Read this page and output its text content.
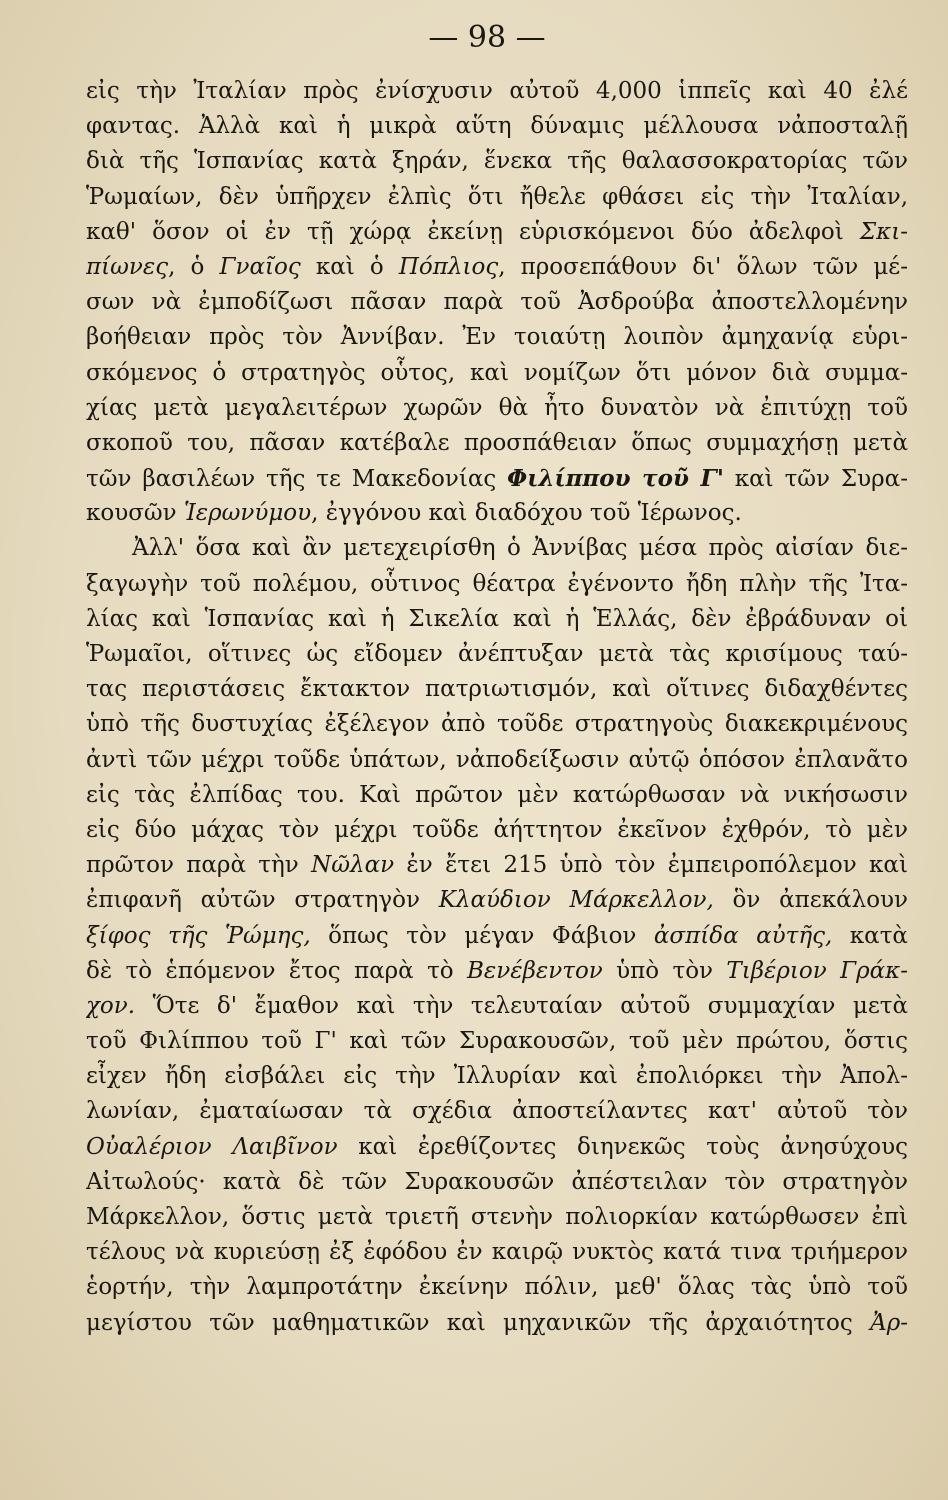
— 98 —
εἰς τὴν Ἰταλίαν πρὸς ἐνίσχυσιν αὐτοῦ 4,000 ἱππεῖς καὶ 40 ἐλέ
φαντας. Ἀλλὰ καὶ ἡ μικρὰ αὕτη δύναμις μέλλουσα νἀποσταλῇ
διὰ τῆς Ἱσπανίας κατὰ ξηράν, ἕνεκα τῆς θαλασσοκρατορίας τῶν
Ῥωμαίων, δὲν ὑπῆρχεν ἐλπὶς ὅτι ἤθελε φθάσει εἰς τὴν Ἰταλίαν,
καθ' ὅσον οἱ ἐν τῇ χώρᾳ ἐκείνῃ εὑρισκόμενοι δύο ἀδελφοὶ Σκι-
πίωνες, ὁ Γναῖος καὶ ὁ Πόπλιος, προσεπάθουν δι' ὅλων τῶν μέ-
σων νὰ ἐμποδίζωσι πᾶσαν παρὰ τοῦ Ἀσδρούβα ἀποστελλομένην
βοήθειαν πρὸς τὸν Ἀννίβαν. Ἐν τοιαύτῃ λοιπὸν ἀμηχανίᾳ εὑρι-
σκόμενος ὁ στρατηγὸς οὗτος, καὶ νομίζων ὅτι μόνον διὰ συμμα-
χίας μετὰ μεγαλειτέρων χωρῶν θὰ ἦτο δυνατὸν νὰ ἐπιτύχῃ τοῦ
σκοποῦ του, πᾶσαν κατέβαλε προσπάθειαν ὅπως συμμαχήσῃ μετὰ
τῶν βασιλέων τῆς τε Μακεδονίας Φιλίππου τοῦ Γ' καὶ τῶν Συρα-
κουσῶν Ἱερωνύμου, ἐγγόνου καὶ διαδόχου τοῦ Ἱέρωνος.
Ἀλλ' ὅσα καὶ ἂν μετεχειρίσθη ὁ Ἀννίβας μέσα πρὸς αἰσίαν διε-
ξαγωγὴν τοῦ πολέμου, οὗτινος θέατρα ἐγένοντο ἤδη πλὴν τῆς Ἰτα-
λίας καὶ Ἱσπανίας καὶ ἡ Σικελία καὶ ἡ Ἑλλάς, δὲν ἐβράδυναν οἱ
Ῥωμαῖοι, οἵτινες ὡς εἴδομεν ἀνέπτυξαν μετὰ τὰς κρισίμους ταύ-
τας περιστάσεις ἔκτακτον πατριωτισμόν, καὶ οἵτινες διδαχθέντες
ὑπὸ τῆς δυστυχίας ἐξέλεγον ἀπὸ τοῦδε στρατηγοὺς διακεκριμένους
ἀντὶ τῶν μέχρι τοῦδε ὑπάτων, νἀποδείξωσιν αὐτῷ ὁπόσον ἐπλανᾶτο
εἰς τὰς ἐλπίδας του. Καὶ πρῶτον μὲν κατώρθωσαν νὰ νικήσωσιν
εἰς δύο μάχας τὸν μέχρι τοῦδε ἀήττητον ἐκεῖνον ἐχθρόν, τὸ μὲν
πρῶτον παρὰ τὴν Νῶλαν ἐν ἔτει 215 ὑπὸ τὸν ἐμπειροπόλεμον καὶ
ἐπιφανῆ αὐτῶν στρατηγὸν Κλαύδιον Μάρκελλον, ὃν ἀπεκάλουν
ξίφος τῆς Ῥώμης, ὅπως τὸν μέγαν Φάβιον ἀσπίδα αὐτῆς, κατὰ
δὲ τὸ ἑπόμενον ἔτος παρὰ τὸ Βενέβεντον ὑπὸ τὸν Τιβέριον Γράκ-
χον. Ὅτε δ' ἔμαθον καὶ τὴν τελευταίαν αὐτοῦ συμμαχίαν μετὰ
τοῦ Φιλίππου τοῦ Γ' καὶ τῶν Συρακουσῶν, τοῦ μὲν πρώτου, ὅστις
εἶχεν ἤδη εἰσβάλει εἰς τὴν Ἰλλυρίαν καὶ ἐπολιόρκει τὴν Ἀπολ-
λωνίαν, ἐματαίωσαν τὰ σχέδια ἀποστείλαντες κατ' αὐτοῦ τὸν
Οὐαλέριον Λαιβῖνον καὶ ἐρεθίζοντες διηνεκῶς τοὺς ἀνησύχους
Αἰτωλούς· κατὰ δὲ τῶν Συρακουσῶν ἀπέστειλαν τὸν στρατηγὸν
Μάρκελλον, ὅστις μετὰ τριετῆ στενὴν πολιορκίαν κατώρθωσεν ἐπὶ
τέλους νὰ κυριεύσῃ ἐξ ἐφόδου ἐν καιρῷ νυκτὸς κατά τινα τριήμερον
ἑορτήν, τὴν λαμπροτάτην ἐκείνην πόλιν, μεθ' ὅλας τὰς ὑπὸ τοῦ
μεγίστου τῶν μαθηματικῶν καὶ μηχανικῶν τῆς ἀρχαιότητος Ἀρ-
